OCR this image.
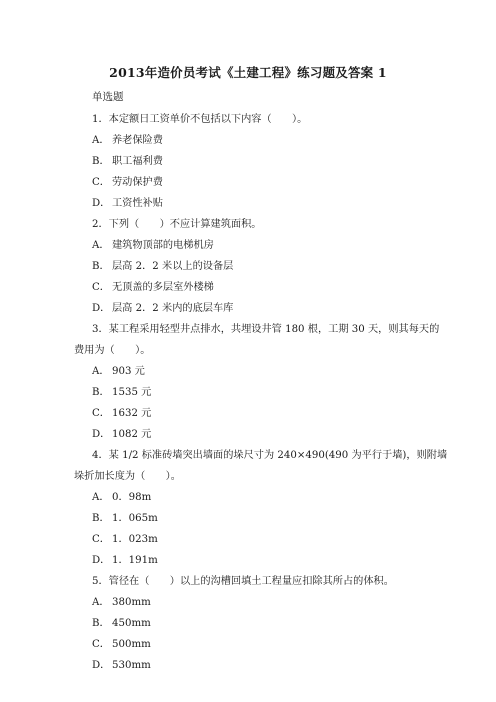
2013年造价员考试《土建工程》练习题及答案 1
单选题
1．本定额日工资单价不包括以下内容（　　）。
A． 养老保险费
B． 职工福利费
C． 劳动保护费
D． 工资性补贴
2．下列（　　）不应计算建筑面积。
A． 建筑物顶部的电梯机房
B． 层高 2．2 米以上的设备层
C． 无顶盖的多层室外楼梯
D． 层高 2．2 米内的底层车库
3．某工程采用轻型井点排水，共埋设井管 180 根，工期 30 天，则其每天的
费用为（　　）。
A． 903 元
B． 1535 元
C． 1632 元
D． 1082 元
4．某 1/2 标准砖墙突出墙面的垛尺寸为 240×490(490 为平行于墙)，则附墙
垛折加长度为（　　）。
A． 0．98m
B． 1．065m
C． 1．023m
D． 1．191m
5．管径在（　　）以上的沟槽回填土工程量应扣除其所占的体积。
A． 380mm
B． 450mm
C． 500mm
D． 530mm
